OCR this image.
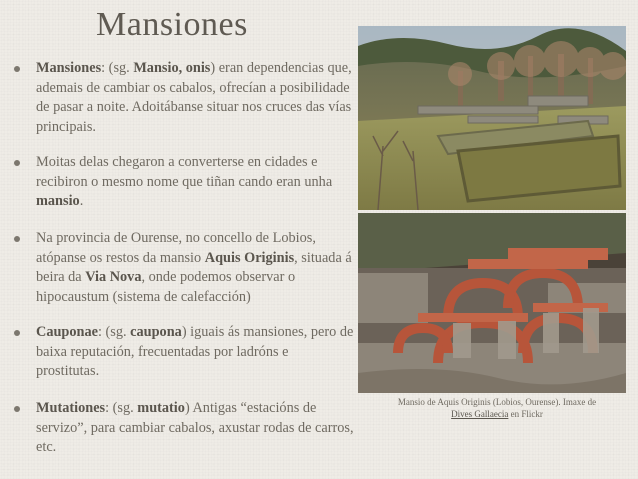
Mansiones
Mansiones: (sg. Mansio, onis) eran dependencias que, ademais de cambiar os cabalos, ofrecían a posibilidade de pasar a noite. Adoitábanse situar nos cruces das vías principais.
Moitas delas chegaron a converterse en cidades e recibiron o mesmo nome que tiñan cando eran unha mansio.
Na provincia de Ourense, no concello de Lobios, atópanse os restos da mansio Aquis Originis, situada á beira da Via Nova, onde podemos observar o hipocaustum (sistema de calefacción)
Cauponae: (sg. caupona) iguais ás mansiones, pero de baixa reputación, frecuentadas por ladróns e prostitutas.
Mutationes: (sg. mutatio) Antigas “estacións de servizo”, para cambiar cabalos, axustar rodas de carros, etc.
Mansio de Aquis Originis (Lobios, Ourense). Imaxe de
Dives Gallaecia en Flickr
